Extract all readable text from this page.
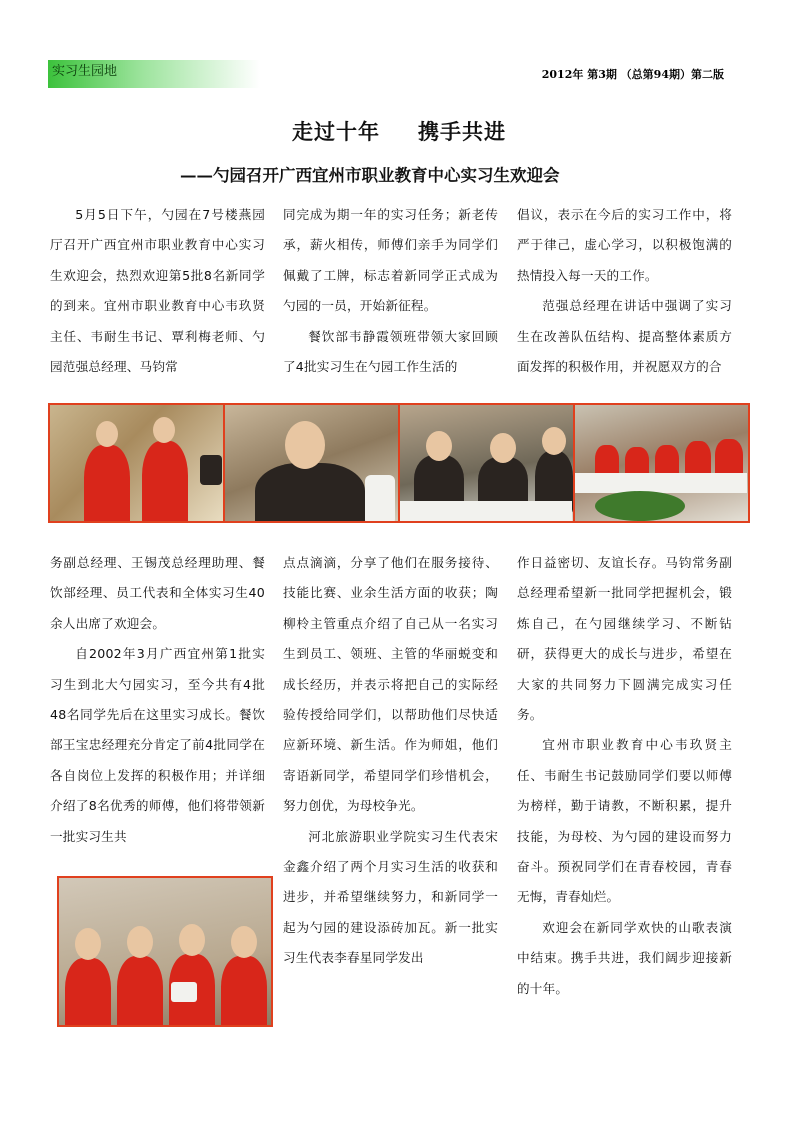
实习生园地	2012年 第3期 （总第94期）第二版
走过十年 携手共进
——勺园召开广西宜州市职业教育中心实习生欢迎会

5月5日下午，勺园在7号楼燕园厅召开广西宜州市职业教育中心实习生欢迎会，热烈欢迎第5批8名新同学的到来。宜州市职业教育中心韦玖贤主任、韦耐生书记、覃利梅老师、勺园范强总经理、马钧常

同完成为期一年的实习任务；新老传承，薪火相传，师傅们亲手为同学们佩戴了工牌，标志着新同学正式成为勺园的一员，开始新征程。

餐饮部韦静霞领班带领大家回顾了4批实习生在勺园工作生活的

倡议，表示在今后的实习工作中，将严于律己，虚心学习，以积极饱满的热情投入每一天的工作。

范强总经理在讲话中强调了实习生在改善队伍结构、提高整体素质方面发挥的积极作用，并祝愿双方的合

务副总经理、王锡茂总经理助理、餐饮部经理、员工代表和全体实习生40余人出席了欢迎会。

自2002年3月广西宜州第1批实习生到北大勺园实习，至今共有4批48名同学先后在这里实习成长。餐饮部王宝忠经理充分肯定了前4批同学在各自岗位上发挥的积极作用；并详细介绍了8名优秀的师傅，他们将带领新一批实习生共

点点滴滴，分享了他们在服务接待、技能比赛、业余生活方面的收获；陶柳柃主管重点介绍了自己从一名实习生到员工、领班、主管的华丽蜕变和成长经历，并表示将把自己的实际经验传授给同学们，以帮助他们尽快适应新环境、新生活。作为师姐，他们寄语新同学，希望同学们珍惜机会，努力创优，为母校争光。

河北旅游职业学院实习生代表宋金鑫介绍了两个月实习生活的收获和进步，并希望继续努力，和新同学一起为勺园的建设添砖加瓦。新一批实习生代表李春星同学发出

作日益密切、友谊长存。马钧常务副总经理希望新一批同学把握机会，锻炼自己，在勺园继续学习、不断钻研，获得更大的成长与进步，希望在大家的共同努力下圆满完成实习任务。

宜州市职业教育中心韦玖贤主任、韦耐生书记鼓励同学们要以师傅为榜样，勤于请教，不断积累，提升技能，为母校、为勺园的建设而努力奋斗。预祝同学们在青春校园，青春无悔，青春灿烂。

欢迎会在新同学欢快的山歌表演中结束。携手共进，我们阔步迎接新的十年。
